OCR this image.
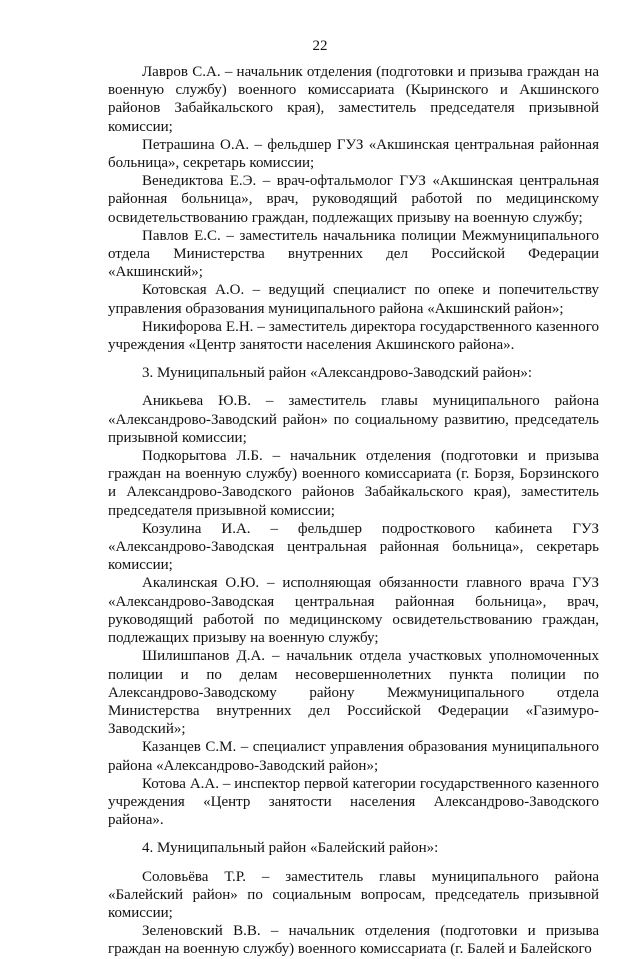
22

Лавров С.А. – начальник отделения (подготовки и призыва граждан на военную службу) военного комиссариата (Кыринского и Акшинского районов Забайкальского края), заместитель председателя призывной комиссии;

Петрашина О.А. – фельдшер ГУЗ «Акшинская центральная районная больница», секретарь комиссии;

Венедиктова Е.Э. – врач-офтальмолог ГУЗ «Акшинская центральная районная больница», врач, руководящий работой по медицинскому освидетельствованию граждан, подлежащих призыву на военную службу;

Павлов Е.С. – заместитель начальника полиции Межмуниципального отдела Министерства внутренних дел Российской Федерации «Акшинский»;

Котовская А.О. – ведущий специалист по опеке и попечительству управления образования муниципального района «Акшинский район»;

Никифорова Е.Н. – заместитель директора государственного казенного учреждения «Центр занятости населения Акшинского района».

3. Муниципальный район «Александрово-Заводский район»:

Аникьева Ю.В. – заместитель главы муниципального района «Александрово-Заводский район» по социальному развитию, председатель призывной комиссии;

Подкорытова Л.Б. – начальник отделения (подготовки и призыва граждан на военную службу) военного комиссариата (г. Борзя, Борзинского и Александрово-Заводского районов Забайкальского края), заместитель председателя призывной комиссии;

Козулина И.А. – фельдшер подросткового кабинета ГУЗ «Александрово-Заводская центральная районная больница», секретарь комиссии;

Акалинская О.Ю. – исполняющая обязанности главного врача ГУЗ «Александрово-Заводская центральная районная больница», врач, руководящий работой по медицинскому освидетельствованию граждан, подлежащих призыву на военную службу;

Шилишпанов Д.А. – начальник отдела участковых уполномоченных полиции и по делам несовершеннолетних пункта полиции по Александрово-Заводскому району Межмуниципального отдела Министерства внутренних дел Российской Федерации «Газимуро-Заводский»;

Казанцев С.М. – специалист управления образования муниципального района «Александрово-Заводский район»;

Котова А.А. – инспектор первой категории государственного казенного учреждения «Центр занятости населения Александрово-Заводского района».

4. Муниципальный район «Балейский район»:

Соловьёва Т.Р. – заместитель главы муниципального района «Балейский район» по социальным вопросам, председатель призывной комиссии;

Зеленовский В.В. – начальник отделения (подготовки и призыва граждан на военную службу) военного комиссариата (г. Балей и Балейского
